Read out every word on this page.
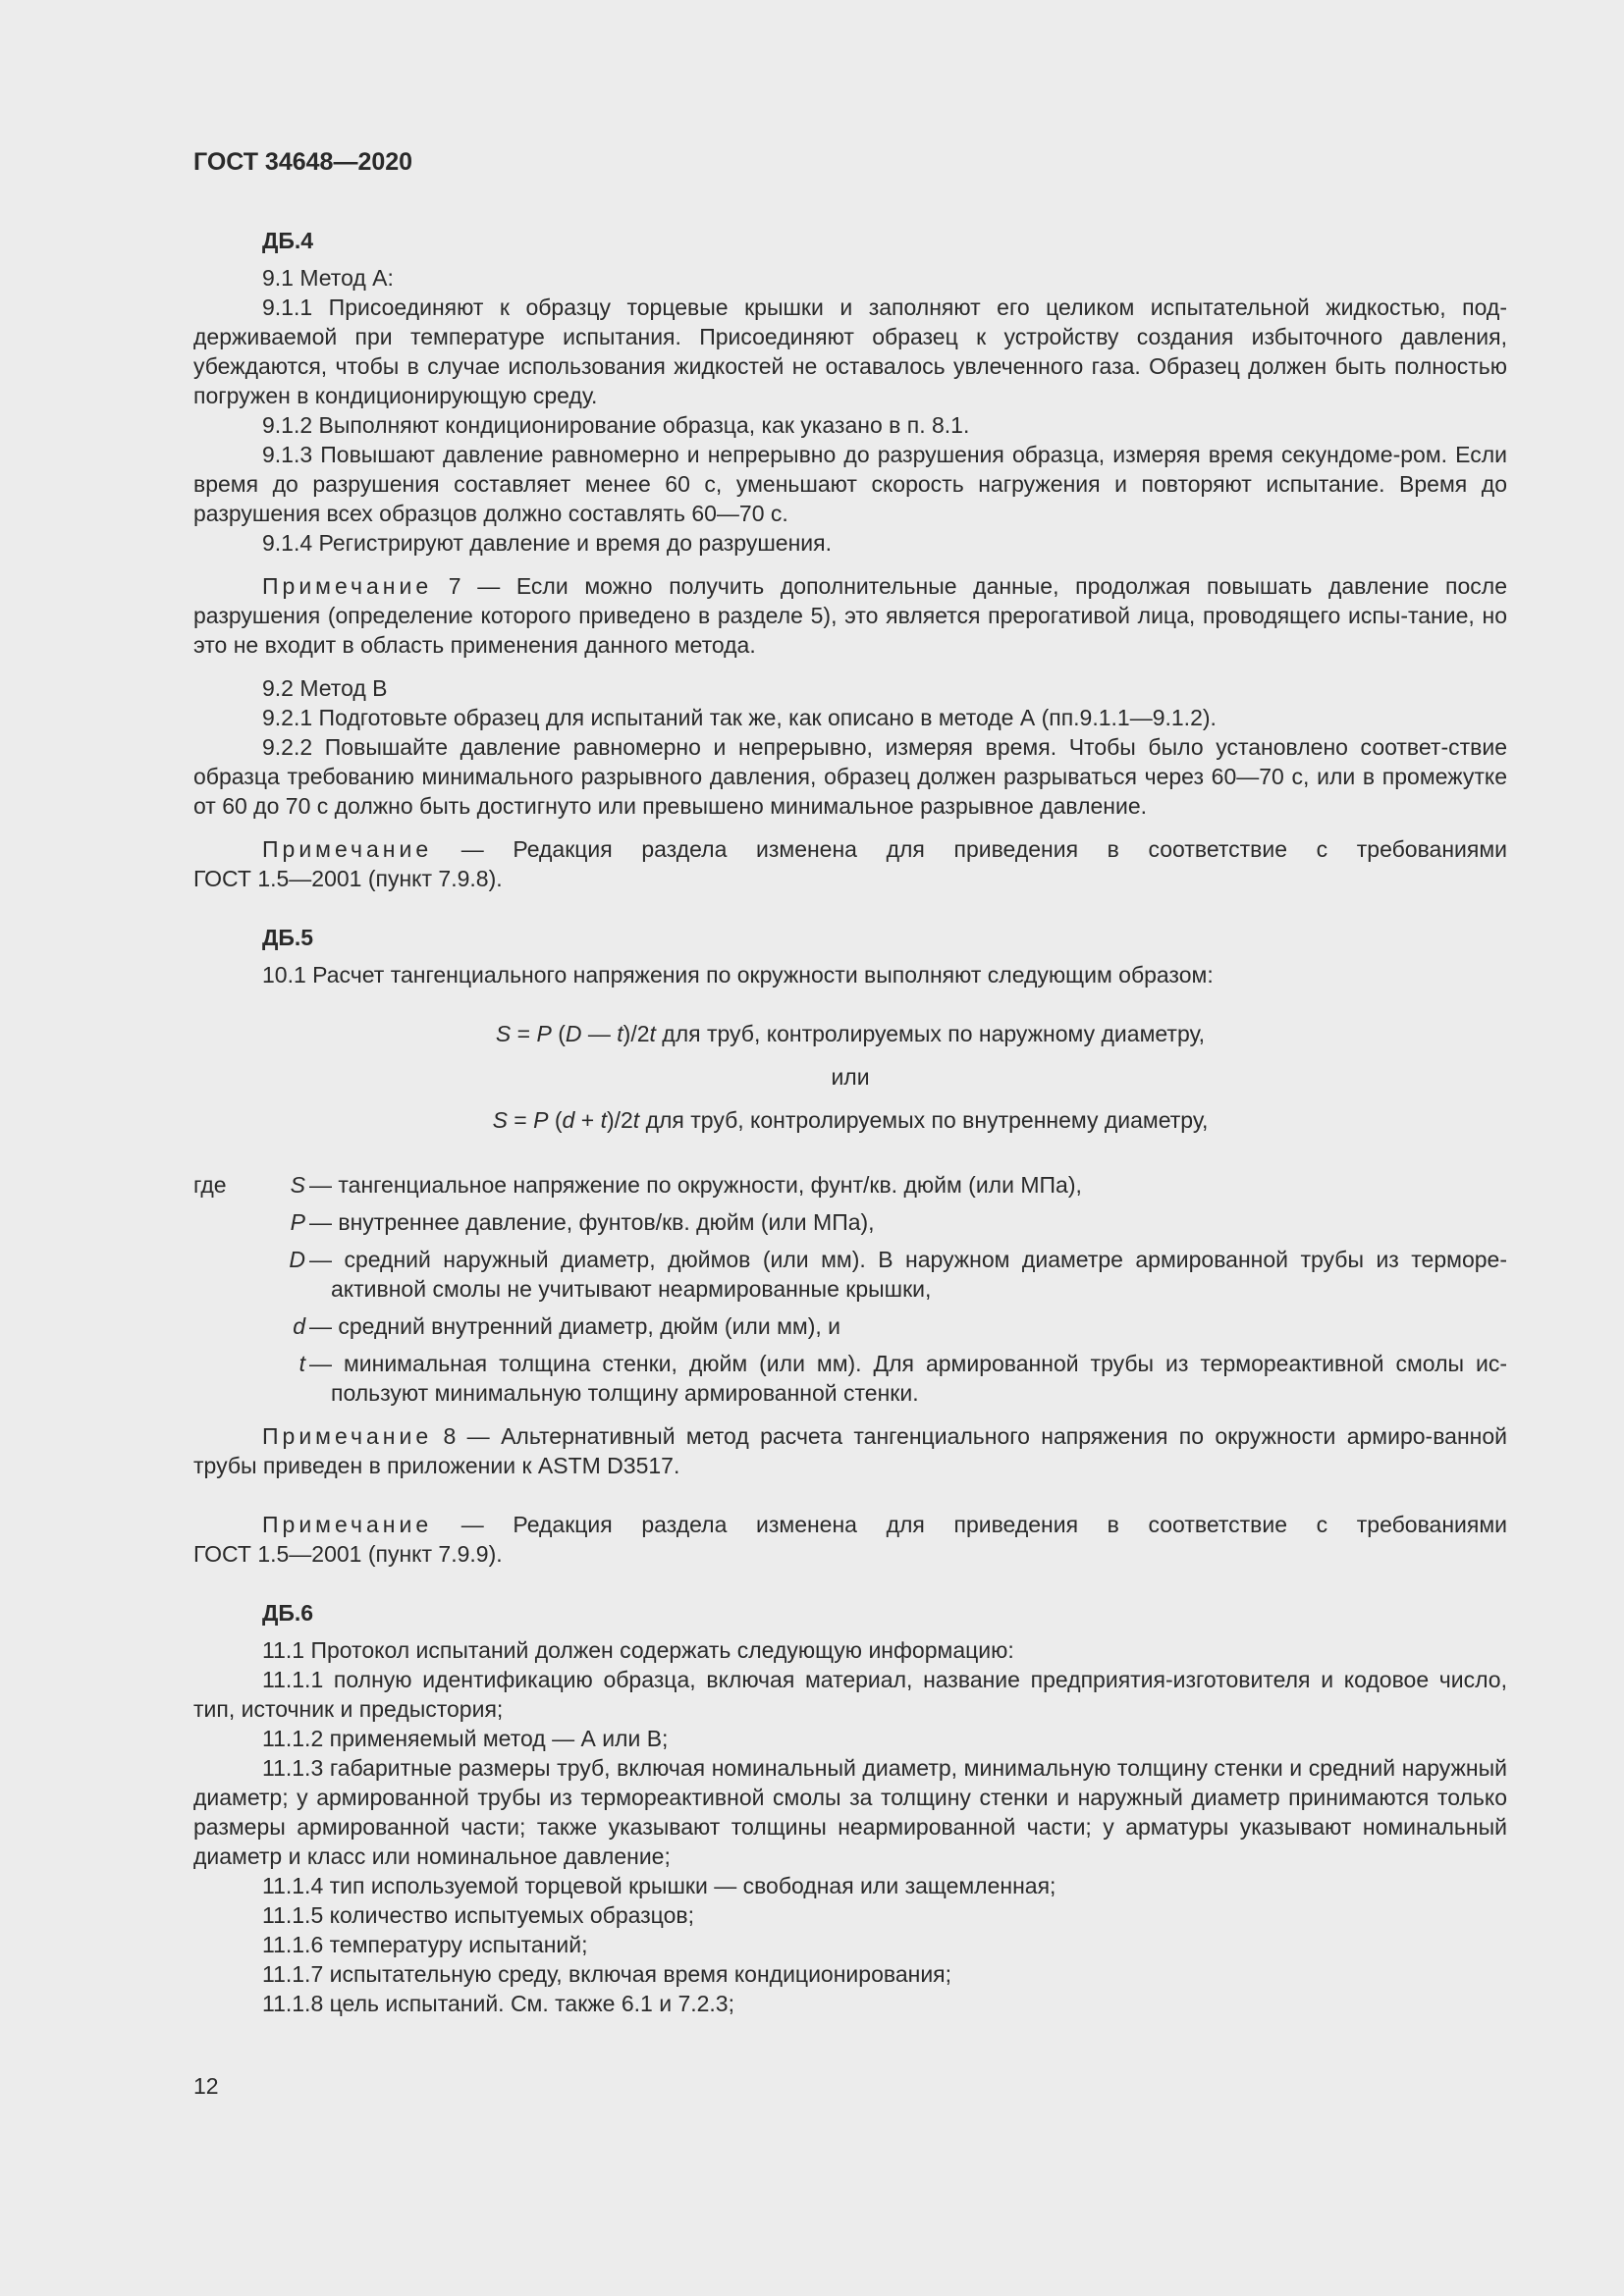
ГОСТ 34648—2020

ДБ.4

9.1 Метод А:

9.1.1 Присоединяют к образцу торцевые крышки и заполняют его целиком испытательной жидкостью, под-держиваемой при температуре испытания. Присоединяют образец к устройству создания избыточного давления, убеждаются, чтобы в случае использования жидкостей не оставалось увлеченного газа. Образец должен быть полностью погружен в кондиционирующую среду.

9.1.2 Выполняют кондиционирование образца, как указано в п. 8.1.

9.1.3 Повышают давление равномерно и непрерывно до разрушения образца, измеряя время секундоме-ром. Если время до разрушения составляет менее 60 с, уменьшают скорость нагружения и повторяют испытание. Время до разрушения всех образцов должно составлять 60—70 с.

9.1.4 Регистрируют давление и время до разрушения.

Примечание 7 — Если можно получить дополнительные данные, продолжая повышать давление после разрушения (определение которого приведено в разделе 5), это является прерогативой лица, проводящего испы-тание, но это не входит в область применения данного метода.

9.2 Метод В

9.2.1 Подготовьте образец для испытаний так же, как описано в методе А (пп.9.1.1—9.1.2).

9.2.2 Повышайте давление равномерно и непрерывно, измеряя время. Чтобы было установлено соответ-ствие образца требованию минимального разрывного давления, образец должен разрываться через 60—70 с, или в промежутке от 60 до 70 с должно быть достигнуто или превышено минимальное разрывное давление.

Примечание — Редакция раздела изменена для приведения в соответствие с требованиями

ГОСТ 1.5—2001 (пункт 7.9.8).

ДБ.5

10.1 Расчет тангенциального напряжения по окружности выполняют следующим образом:

S = P (D — t)/2t для труб, контролируемых по наружному диаметру,

или

S = P (d + t)/2t для труб, контролируемых по внутреннему диаметру,

где	S — тангенциальное напряжение по окружности, фунт/кв. дюйм (или МПа),
P — внутреннее давление, фунтов/кв. дюйм (или МПа),
D — средний наружный диаметр, дюймов (или мм). В наружном диаметре армированной трубы из терморе-
активной смолы не учитывают неармированные крышки,
d — средний внутренний диаметр, дюйм (или мм), и
t — минимальная толщина стенки, дюйм (или мм). Для армированной трубы из термореактивной смолы ис-
пользуют минимальную толщину армированной стенки.

Примечание 8 — Альтернативный метод расчета тангенциального напряжения по окружности армиро-ванной трубы приведен в приложении к ASTM D3517.

Примечание — Редакция раздела изменена для приведения в соответствие с требованиями

ГОСТ 1.5—2001 (пункт 7.9.9).

ДБ.6

11.1 Протокол испытаний должен содержать следующую информацию:

11.1.1 полную идентификацию образца, включая материал, название предприятия-изготовителя и кодовое число, тип, источник и предыстория;

11.1.2 применяемый метод — А или В;

11.1.3 габаритные размеры труб, включая номинальный диаметр, минимальную толщину стенки и средний наружный диаметр; у армированной трубы из термореактивной смолы за толщину стенки и наружный диаметр принимаются только размеры армированной части; также указывают толщины неармированной части; у арматуры указывают номинальный диаметр и класс или номинальное давление;

11.1.4 тип используемой торцевой крышки — свободная или защемленная;

11.1.5 количество испытуемых образцов;

11.1.6 температуру испытаний;

11.1.7 испытательную среду, включая время кондиционирования;

11.1.8 цель испытаний. См. также 6.1 и 7.2.3;

12
